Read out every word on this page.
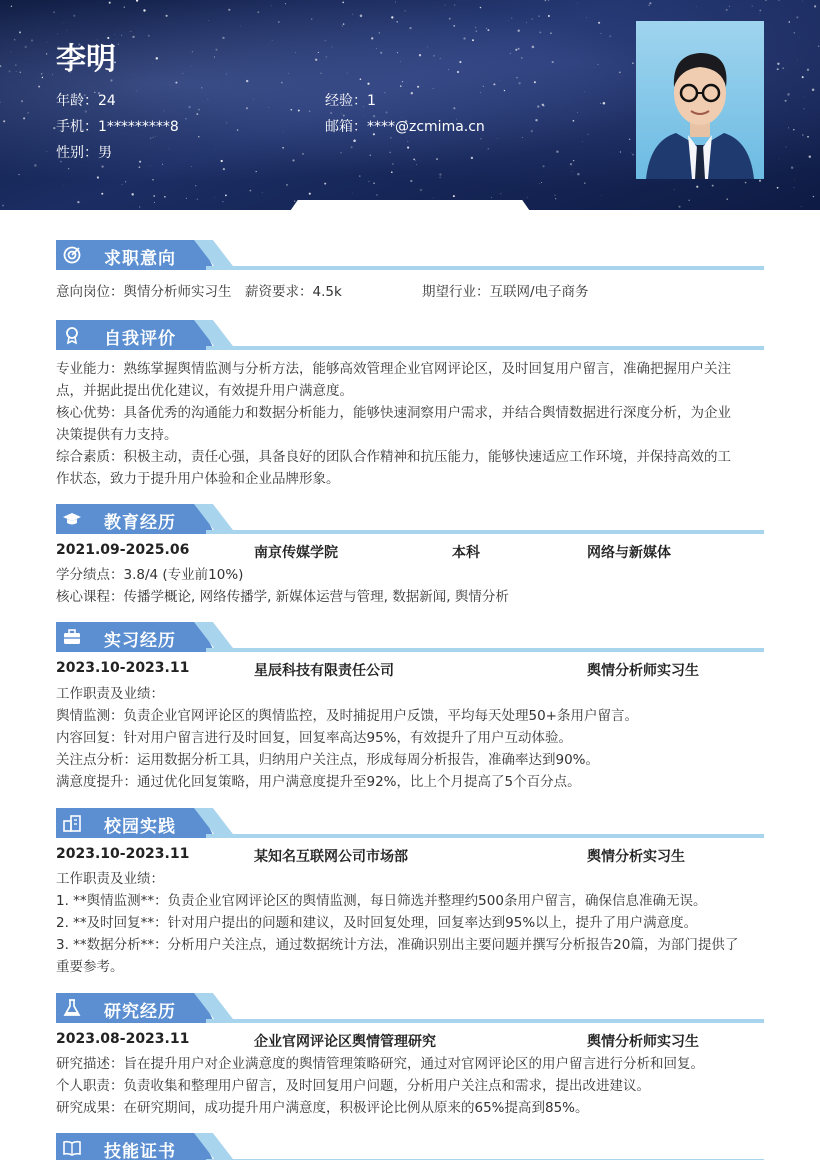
李明
年龄：24	经验：1
手机：1*********8	邮箱：****@zcmima.cn
性别：男
求职意向
意向岗位：舆情分析师实习生	薪资要求：4.5k	期望行业：互联网/电子商务
自我评价
专业能力：熟练掌握舆情监测与分析方法，能够高效管理企业官网评论区，及时回复用户留言，准确把握用户关注
点，并据此提出优化建议，有效提升用户满意度。
核心优势：具备优秀的沟通能力和数据分析能力，能够快速洞察用户需求，并结合舆情数据进行深度分析，为企业
决策提供有力支持。
综合素质：积极主动，责任心强，具备良好的团队合作精神和抗压能力，能够快速适应工作环境，并保持高效的工
作状态，致力于提升用户体验和企业品牌形象。
教育经历
2021.09-2025.06	南京传媒学院	本科	网络与新媒体
学分绩点：3.8/4 (专业前10%)
核心课程：传播学概论, 网络传播学, 新媒体运营与管理, 数据新闻, 舆情分析
实习经历
2023.10-2023.11	星辰科技有限责任公司	舆情分析师实习生
工作职责及业绩：
舆情监测：负责企业官网评论区的舆情监控，及时捕捉用户反馈，平均每天处理50+条用户留言。
内容回复：针对用户留言进行及时回复，回复率高达95%，有效提升了用户互动体验。
关注点分析：运用数据分析工具，归纳用户关注点，形成每周分析报告，准确率达到90%。
满意度提升：通过优化回复策略，用户满意度提升至92%，比上个月提高了5个百分点。
校园实践
2023.10-2023.11	某知名互联网公司市场部	舆情分析实习生
工作职责及业绩：
1. **舆情监测**：负责企业官网评论区的舆情监测，每日筛选并整理约500条用户留言，确保信息准确无误。
2. **及时回复**：针对用户提出的问题和建议，及时回复处理，回复率达到95%以上，提升了用户满意度。
3. **数据分析**：分析用户关注点，通过数据统计方法，准确识别出主要问题并撰写分析报告20篇，为部门提供了
重要参考。
研究经历
2023.08-2023.11	企业官网评论区舆情管理研究	舆情分析师实习生
研究描述：旨在提升用户对企业满意度的舆情管理策略研究，通过对官网评论区的用户留言进行分析和回复。
个人职责：负责收集和整理用户留言，及时回复用户问题，分析用户关注点和需求，提出改进建议。
研究成果：在研究期间，成功提升用户满意度，积极评论比例从原来的65%提高到85%。
技能证书
